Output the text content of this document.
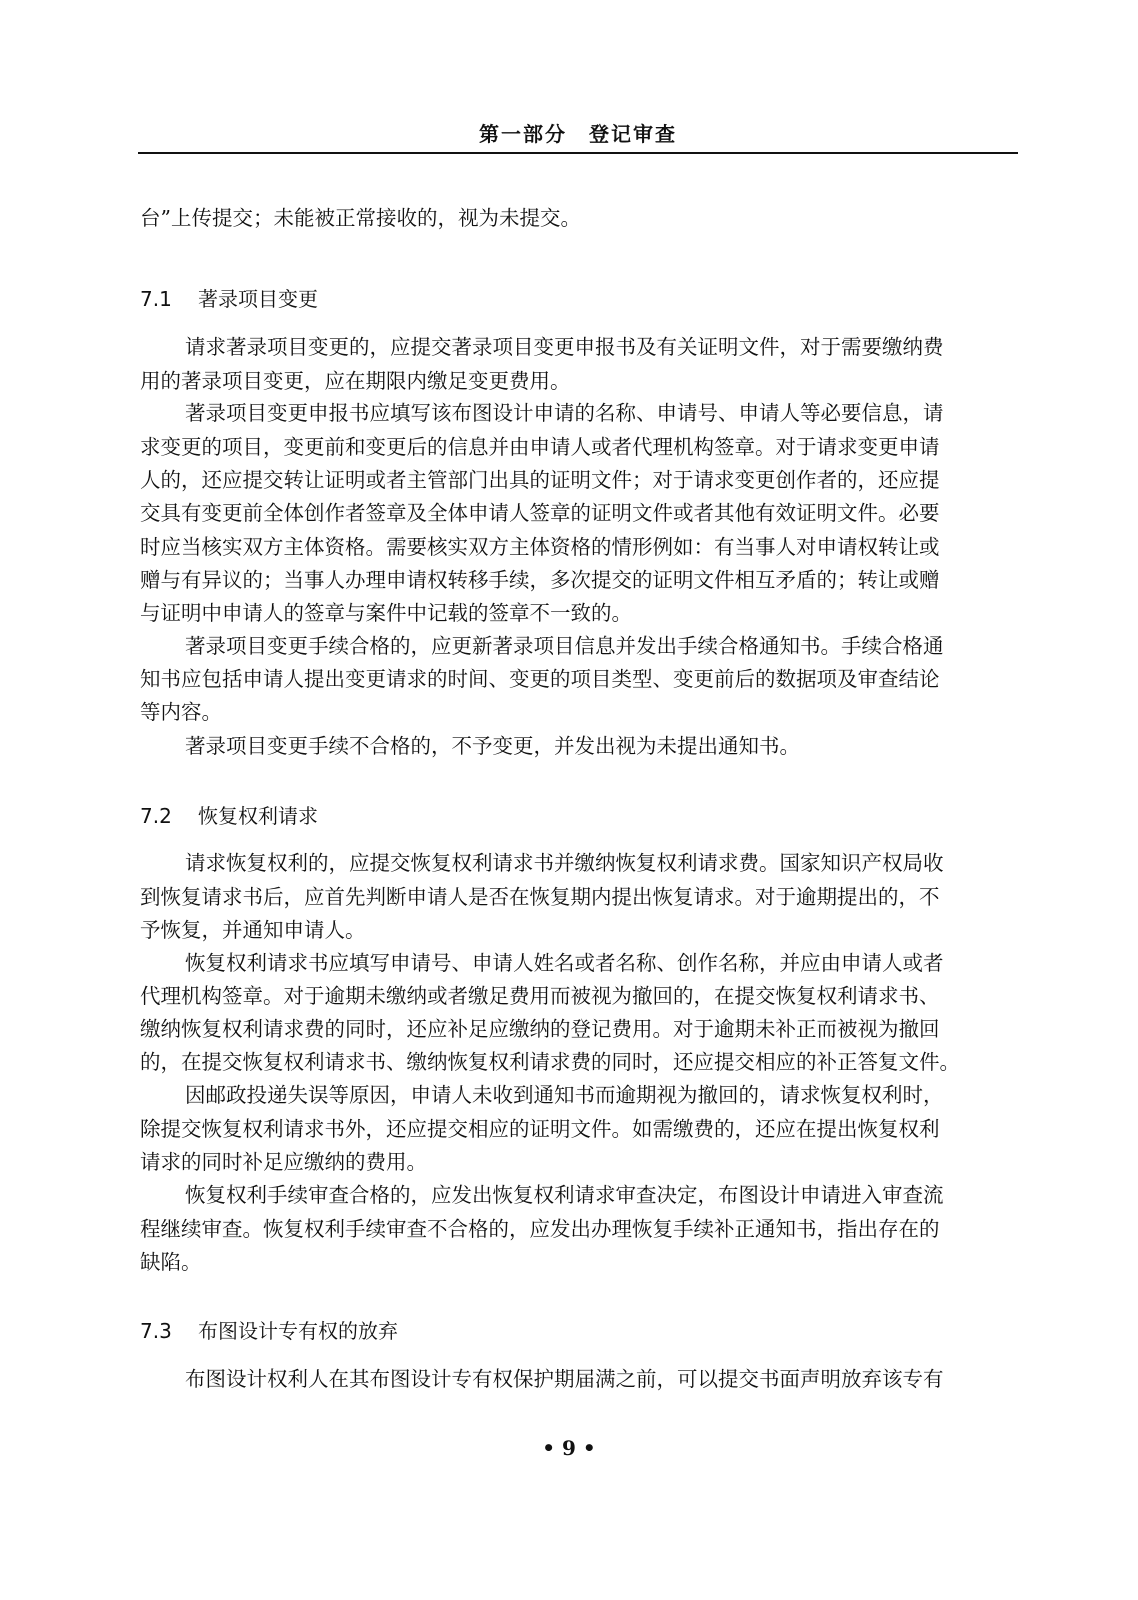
第一部分　登记审查
台”上传提交；未能被正常接收的，视为未提交。
7.1 著录项目变更
请求著录项目变更的，应提交著录项目变更申报书及有关证明文件，对于需要缴纳费
用的著录项目变更，应在期限内缴足变更费用。
著录项目变更申报书应填写该布图设计申请的名称、申请号、申请人等必要信息，请
求变更的项目，变更前和变更后的信息并由申请人或者代理机构签章。对于请求变更申请
人的，还应提交转让证明或者主管部门出具的证明文件；对于请求变更创作者的，还应提
交具有变更前全体创作者签章及全体申请人签章的证明文件或者其他有效证明文件。必要
时应当核实双方主体资格。需要核实双方主体资格的情形例如：有当事人对申请权转让或
赠与有异议的；当事人办理申请权转移手续，多次提交的证明文件相互矛盾的；转让或赠
与证明中申请人的签章与案件中记载的签章不一致的。
著录项目变更手续合格的，应更新著录项目信息并发出手续合格通知书。手续合格通
知书应包括申请人提出变更请求的时间、变更的项目类型、变更前后的数据项及审查结论
等内容。
著录项目变更手续不合格的，不予变更，并发出视为未提出通知书。
7.2 恢复权利请求
请求恢复权利的，应提交恢复权利请求书并缴纳恢复权利请求费。国家知识产权局收
到恢复请求书后，应首先判断申请人是否在恢复期内提出恢复请求。对于逾期提出的，不
予恢复，并通知申请人。
恢复权利请求书应填写申请号、申请人姓名或者名称、创作名称，并应由申请人或者
代理机构签章。对于逾期未缴纳或者缴足费用而被视为撤回的，在提交恢复权利请求书、
缴纳恢复权利请求费的同时，还应补足应缴纳的登记费用。对于逾期未补正而被视为撤回
的，在提交恢复权利请求书、缴纳恢复权利请求费的同时，还应提交相应的补正答复文件。
因邮政投递失误等原因，申请人未收到通知书而逾期视为撤回的，请求恢复权利时，
除提交恢复权利请求书外，还应提交相应的证明文件。如需缴费的，还应在提出恢复权利
请求的同时补足应缴纳的费用。
恢复权利手续审查合格的，应发出恢复权利请求审查决定，布图设计申请进入审查流
程继续审查。恢复权利手续审查不合格的，应发出办理恢复手续补正通知书，指出存在的
缺陷。
7.3 布图设计专有权的放弃
布图设计权利人在其布图设计专有权保护期届满之前，可以提交书面声明放弃该专有
• 9 •
